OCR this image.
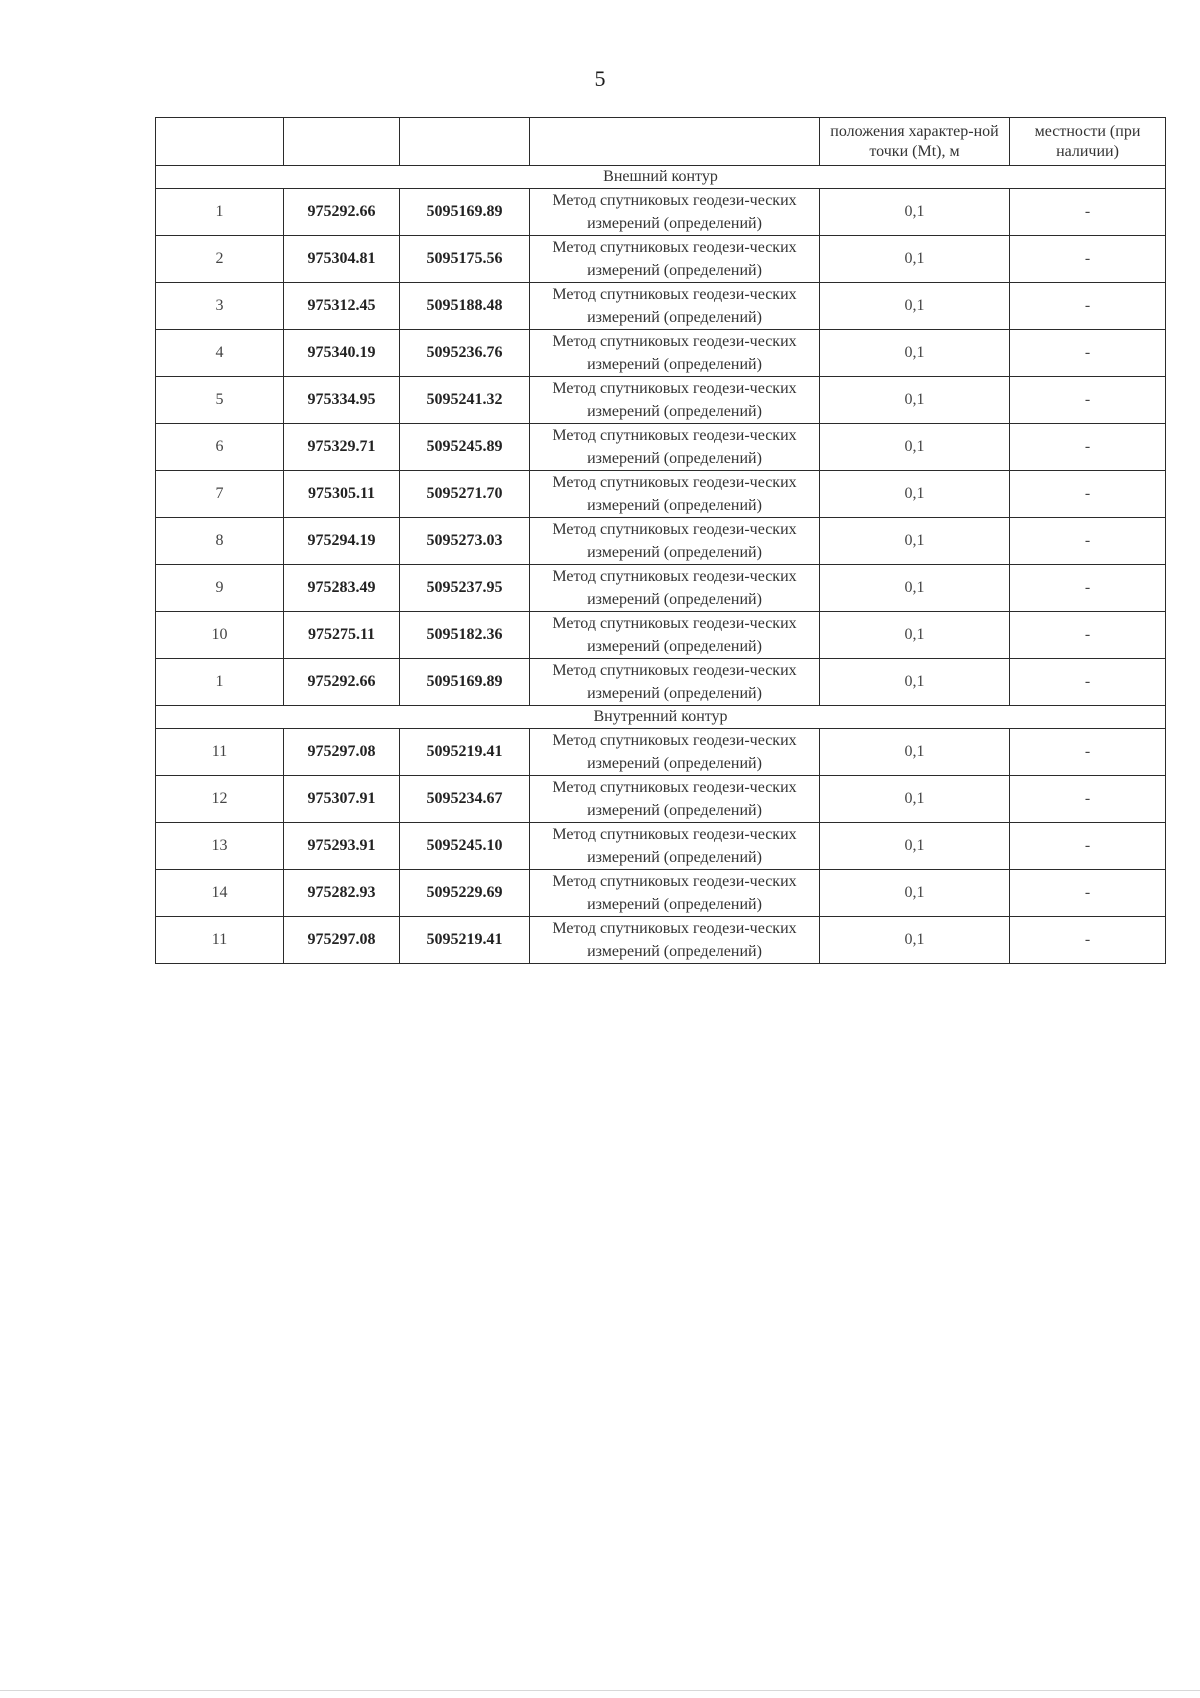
5
				положения характер-ной точки (Mt), м	местности (при наличии)
Внешний контур					
1	975292.66	5095169.89	Метод спутниковых геодези-ческих измерений (определений)	0,1	-
2	975304.81	5095175.56	Метод спутниковых геодези-ческих измерений (определений)	0,1	-
3	975312.45	5095188.48	Метод спутниковых геодези-ческих измерений (определений)	0,1	-
4	975340.19	5095236.76	Метод спутниковых геодези-ческих измерений (определений)	0,1	-
5	975334.95	5095241.32	Метод спутниковых геодези-ческих измерений (определений)	0,1	-
6	975329.71	5095245.89	Метод спутниковых геодези-ческих измерений (определений)	0,1	-
7	975305.11	5095271.70	Метод спутниковых геодези-ческих измерений (определений)	0,1	-
8	975294.19	5095273.03	Метод спутниковых геодези-ческих измерений (определений)	0,1	-
9	975283.49	5095237.95	Метод спутниковых геодези-ческих измерений (определений)	0,1	-
10	975275.11	5095182.36	Метод спутниковых геодези-ческих измерений (определений)	0,1	-
1	975292.66	5095169.89	Метод спутниковых геодези-ческих измерений (определений)	0,1	-
Внутренний контур					
11	975297.08	5095219.41	Метод спутниковых геодези-ческих измерений (определений)	0,1	-
12	975307.91	5095234.67	Метод спутниковых геодези-ческих измерений (определений)	0,1	-
13	975293.91	5095245.10	Метод спутниковых геодези-ческих измерений (определений)	0,1	-
14	975282.93	5095229.69	Метод спутниковых геодези-ческих измерений (определений)	0,1	-
11	975297.08	5095219.41	Метод спутниковых геодези-ческих измерений (определений)	0,1	-
